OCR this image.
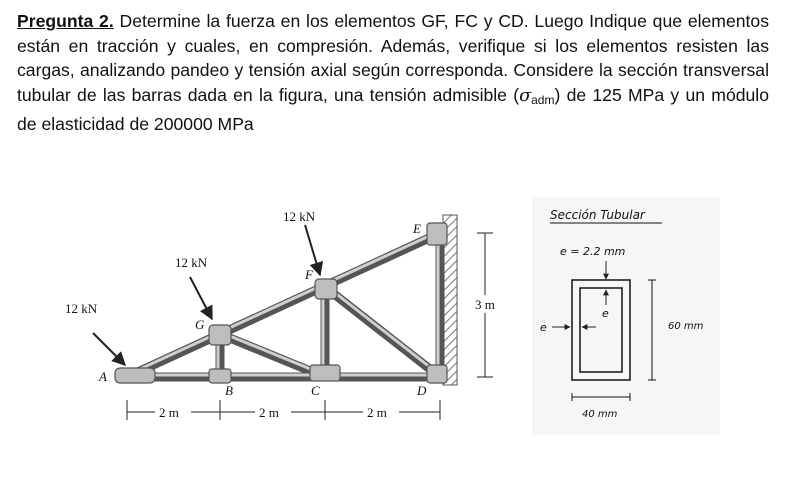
Pregunta 2. Determine la fuerza en los elementos GF, FC y CD. Luego Indique que elementos están en tracción y cuales, en compresión. Además, verifique si los elementos resisten las cargas, analizando pandeo y tensión axial según corresponda. Considere la sección transversal tubular de las barras dada en la figura, una tensión admisible $(\sigma_{adm})$ de 125 MPa y un módulo de elasticidad de 200000 MPa

12 kN
12 kN
12 kN
A
B	C	D
E
F
G
2 m	2 m	2 m
3 m
Sección Tubular
e = 2.2 mm
e
e	60 mm
40 mm
